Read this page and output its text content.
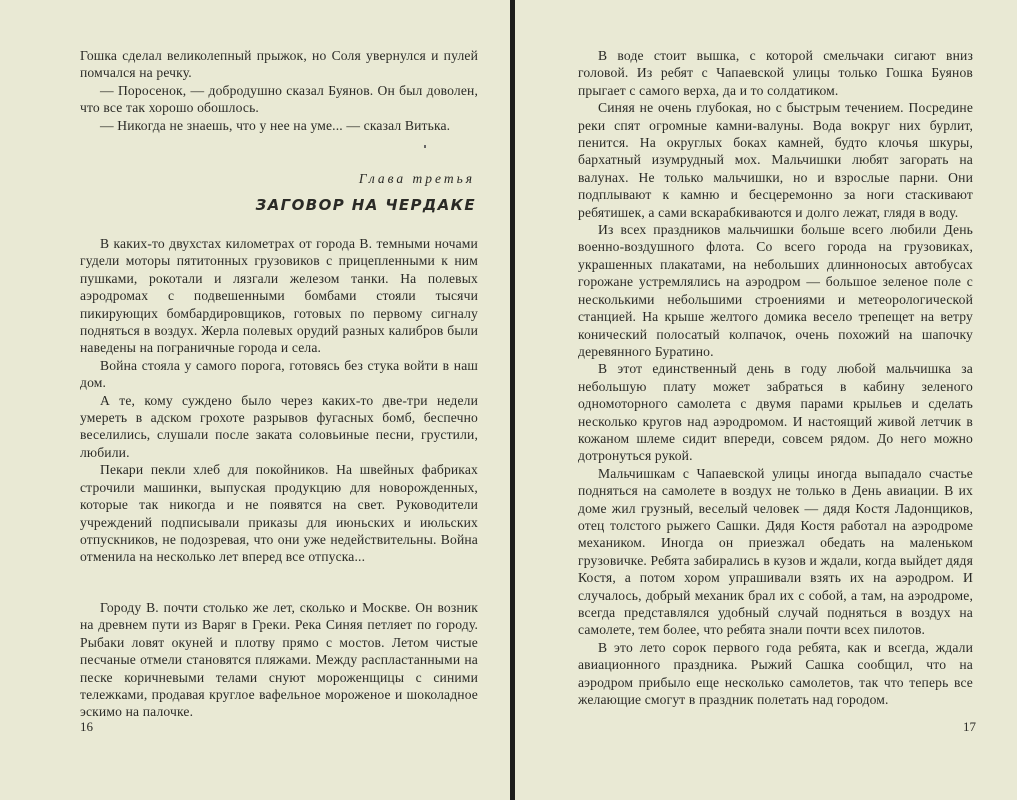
Гошка сделал великолепный прыжок, но Соля увернулся и пулей помчался на речку.

— Поросенок, — добродушно сказал Буянов. Он был доволен, что все так хорошо обошлось.

— Никогда не знаешь, что у нее на уме... — сказал Витька.

Глава третья
ЗАГОВОР НА ЧЕРДАКЕ

В каких-то двухстах километрах от города В. темными ночами гудели моторы пятитонных грузовиков с прицепленными к ним пушками, рокотали и лязгали железом танки. На полевых аэродромах с подвешенными бомбами стояли тысячи пикирующих бомбардировщиков, готовых по первому сигналу подняться в воздух. Жерла полевых орудий разных калибров были наведены на пограничные города и села.

Война стояла у самого порога, готовясь без стука войти в наш дом.

А те, кому суждено было через каких-то две-три недели умереть в адском грохоте разрывов фугасных бомб, беспечно веселились, слушали после заката соловьиные песни, грустили, любили.

Пекари пекли хлеб для покойников. На швейных фабриках строчили машинки, выпуская продукцию для новорожденных, которые так никогда и не появятся на свет. Руководители учреждений подписывали приказы для июньских и июльских отпускников, не подозревая, что они уже недействительны. Война отменила на несколько лет вперед все отпуска...

Городу В. почти столько же лет, сколько и Москве. Он возник на древнем пути из Варяг в Греки. Река Синяя петляет по городу. Рыбаки ловят окуней и плотву прямо с мостов. Летом чистые песчаные отмели становятся пляжами. Между распластанными на песке коричневыми телами снуют мороженщицы с синими тележками, продавая круглое вафельное мороженое и шоколадное эскимо на палочке.

16

В воде стоит вышка, с которой смельчаки сигают вниз головой. Из ребят с Чапаевской улицы только Гошка Буянов прыгает с самого верха, да и то солдатиком.

Синяя не очень глубокая, но с быстрым течением. Посредине реки спят огромные камни-валуны. Вода вокруг них бурлит, пенится. На округлых боках камней, будто клочья шкуры, бархатный изумрудный мох. Мальчишки любят загорать на валунах. Не только мальчишки, но и взрослые парни. Они подплывают к камню и бесцеремонно за ноги стаскивают ребятишек, а сами вскарабкиваются и долго лежат, глядя в воду.

Из всех праздников мальчишки больше всего любили День военно-воздушного флота. Со всего города на грузовиках, украшенных плакатами, на небольших длинноносых автобусах горожане устремлялись на аэродром — большое зеленое поле с несколькими небольшими строениями и метеорологической станцией. На крыше желтого домика весело трепещет на ветру конический полосатый колпачок, очень похожий на шапочку деревянного Буратино.

В этот единственный день в году любой мальчишка за небольшую плату может забраться в кабину зеленого одномоторного самолета с двумя парами крыльев и сделать несколько кругов над аэродромом. И настоящий живой летчик в кожаном шлеме сидит впереди, совсем рядом. До него можно дотронуться рукой.

Мальчишкам с Чапаевской улицы иногда выпадало счастье подняться на самолете в воздух не только в День авиации. В их доме жил грузный, веселый человек — дядя Костя Ладонщиков, отец толстого рыжего Сашки. Дядя Костя работал на аэродроме механиком. Иногда он приезжал обедать на маленьком грузовичке. Ребята забирались в кузов и ждали, когда выйдет дядя Костя, а потом хором упрашивали взять их на аэродром. И случалось, добрый механик брал их с собой, а там, на аэродроме, всегда представлялся удобный случай подняться в воздух на самолете, тем более, что ребята знали почти всех пилотов.

В это лето сорок первого года ребята, как и всегда, ждали авиационного праздника. Рыжий Сашка сообщил, что на аэродром прибыло еще несколько самолетов, так что теперь все желающие смогут в праздник полетать над городом.

17
